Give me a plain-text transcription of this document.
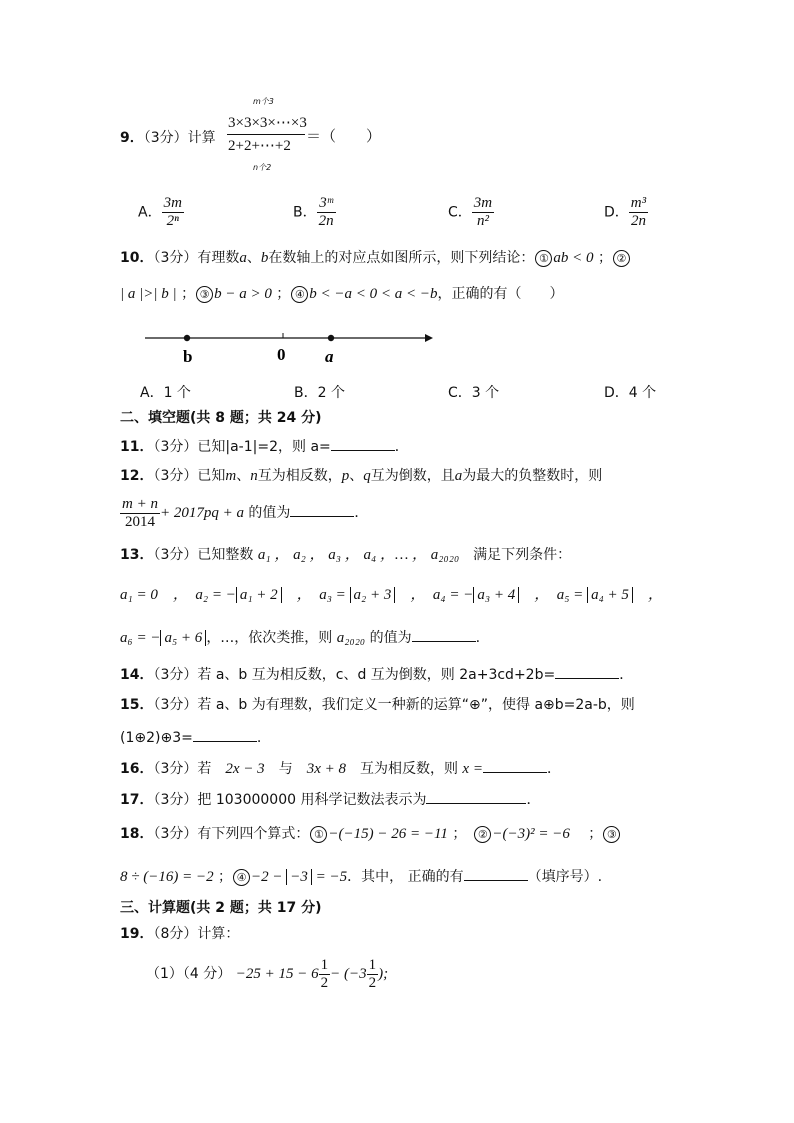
9．（3分）计算
m个3
3×3×3×⋯×3
2+2+⋯+2
n个2
＝（　　）
A． $\frac{3m}{\text{2ⁿ}}$	B． $\frac{\text{3ᵐ}}{2n}$	C． $\frac{3m}{\text{n²}}$	D． $\frac{\text{m³}}{2n}$
10．（3分）有理数a、b在数轴上的对应点如图所示，则下列结论： ① ab < 0 ； ②
| a |>| b | ； ③ b − a > 0 ； ④ b < −a < 0 < a < −b，正确的有（　　）
b	0 a
A．1 个	B．2 个	C．3 个	D．4 个
二、填空题(共 8 题；共 24 分)
11．（3分）已知|a-1|=2，则 a=	．
12．（3分）已知m、n互为相反数，p、q互为倒数，且a为最大的负整数时，则
$\frac{m + n}{2014} + 2017pq + a$ 的值为	．
13．（3分）已知整数 a₁ ， a₂ ， a₃ ， a₄ ，… ， a₂₀₂₀　 满足下列条件：
a₁ = 0　，　a₂ = − a₁ + 2　，　a₃ = a₂ + 3　，　a₄ = − a₃ + 4　，　a₅ = a₄ + 5　，
a₆ = − a₅ + 6 ，…，依次类推，则 a₂₀₂₀ 的值为	.
14．（3分）若 a、b 互为相反数，c、d 互为倒数，则 2a+3cd+2b=	．
15．（3分）若 a、b 为有理数，我们定义一种新的运算“⊕”，使得 a⊕b=2a-b，则
(1⊕2)⊕3=	.
16．（3分）若　 2x − 3　 与　 3x + 8　 互为相反数，则 x =	．
17．（3分）把 103000000 用科学记数法表示为	．
18．（3分）有下列四个算式： ① −(−15) − 26 = −11 ；　② −(−3)² = −6 　； ③
8 ÷ (−16) = −2 ； ④ −2 − −3 = −5．其中， 正确的有	（填序号）.
三、计算题(共 2 题；共 17 分)
19．（8分）计算：
（1）（4 分） $-25 + 15 - 6 \frac{1}{2} - (-3 \frac{1}{2}$ );
